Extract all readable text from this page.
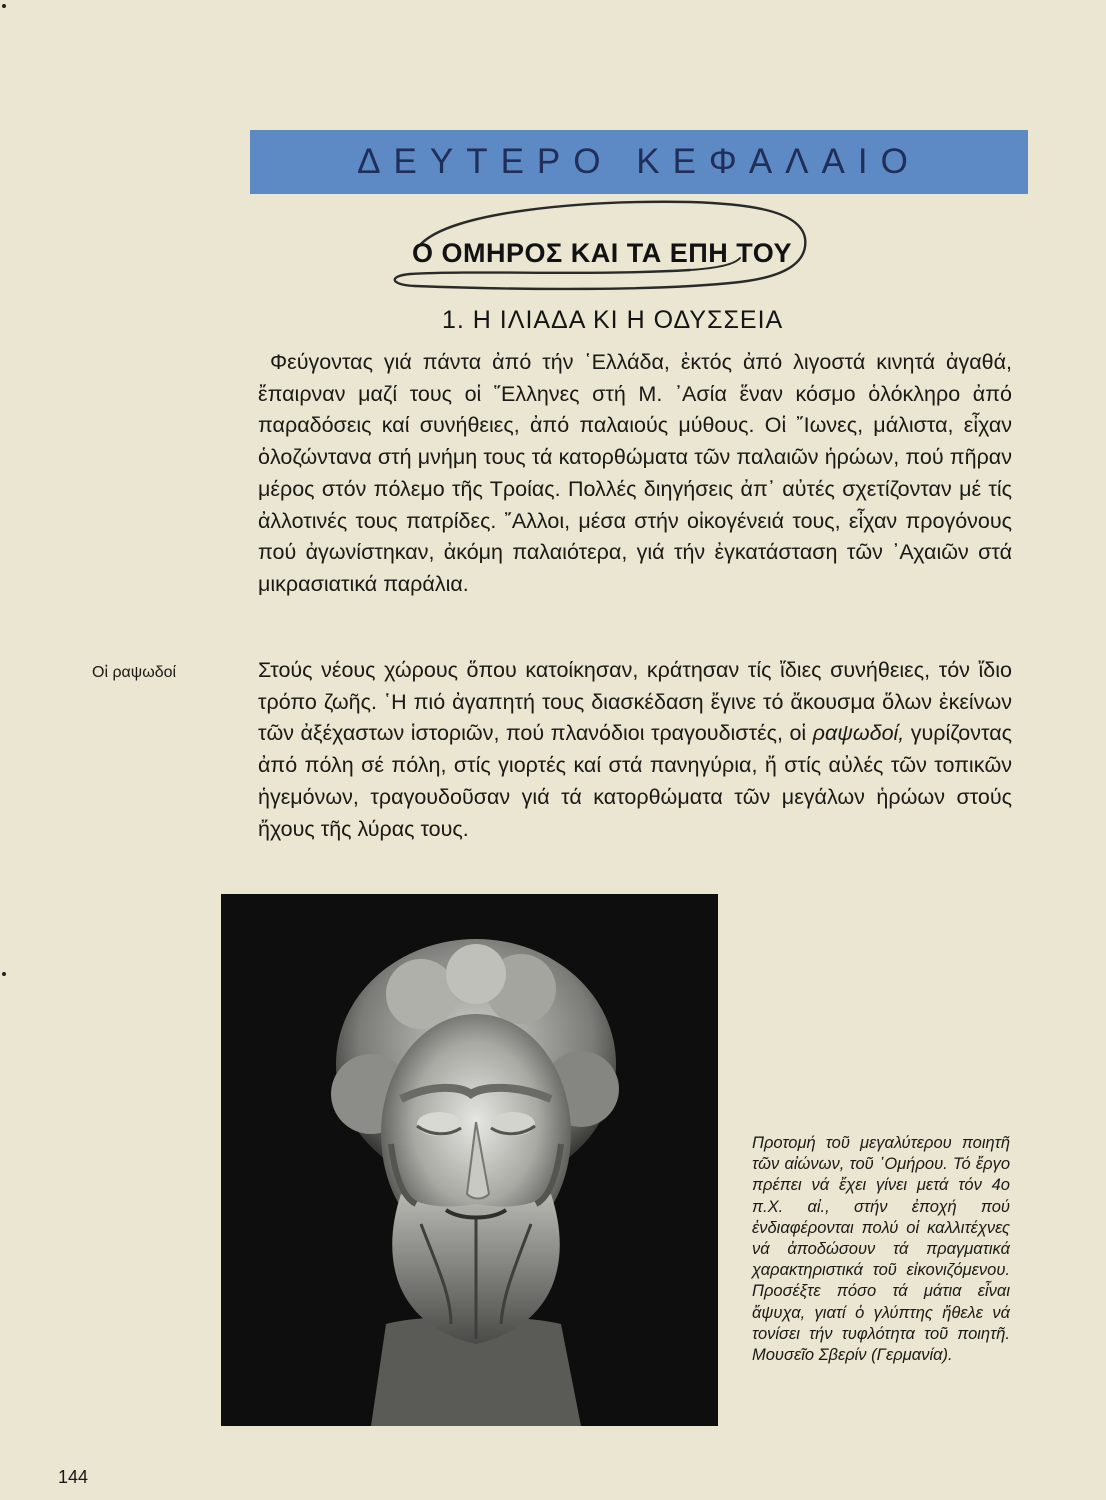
ΔΕΥΤΕΡΟ ΚΕΦΑΛΑΙΟ
Ο ΟΜΗΡΟΣ ΚΑΙ ΤΑ ΕΠΗ ΤΟΥ
1. Η ΙΛΙΑΔΑ ΚΙ Η ΟΔΥΣΣΕΙΑ

Φεύγοντας γιά πάντα ἀπό τήν ῾Ελλάδα, ἐκτός ἀπό λιγοστά κινητά ἀγαθά, ἔπαιρναν μαζί τους οἱ ῞Ελληνες στή Μ. ᾿Ασία ἕναν κόσμο ὁλόκληρο ἀπό παραδόσεις καί συνήθειες, ἀπό παλαιούς μύθους. Οἱ ῎Ιωνες, μάλιστα, εἶχαν ὁλοζώντανα στή μνήμη τους τά κατορθώματα τῶν παλαιῶν ἡρώων, πού πῆραν μέρος στόν πόλεμο τῆς Τροίας. Πολλές διηγήσεις ἀπ᾿ αὐτές σχετίζονταν μέ τίς ἀλλοτινές τους πατρίδες. ῎Αλλοι, μέσα στήν οἰκογένειά τους, εἶχαν προγόνους πού ἀγωνίστηκαν, ἀκόμη παλαιότερα, γιά τήν ἐγκατάσταση τῶν ᾿Αχαιῶν στά μικρασιατικά παράλια.

Οἱ ραψωδοί	Στούς νέους χώρους ὅπου κατοίκησαν, κράτησαν τίς ἴδιες συνήθειες, τόν ἴδιο τρόπο ζωῆς. ῾Η πιό ἀγαπητή τους διασκέδαση ἔγινε τό ἄκουσμα ὅλων ἐκείνων τῶν ἀξέχαστων ἱστοριῶν, πού πλανόδιοι τραγουδιστές, οἱ ραψωδοί, γυρίζοντας ἀπό πόλη σέ πόλη, στίς γιορτές καί στά πανηγύρια, ἤ στίς αὐλές τῶν τοπικῶν ἡγεμόνων, τραγουδοῦσαν γιά τά κατορθώματα τῶν μεγάλων ἡρώων στούς ἤχους τῆς λύρας τους.

Προτομή τοῦ μεγαλύτερου ποιητῆ τῶν αἰώνων, τοῦ ῾Ομήρου. Τό ἔργο πρέπει νά ἔχει γίνει μετά τόν 4ο π.Χ. αἰ., στήν ἐποχή πού ἐνδιαφέρονται πολύ οἱ καλλιτέχνες νά ἀποδώσουν τά πραγματικά χαρακτηριστικά τοῦ εἰκονιζόμενου. Προσέξτε πόσο τά μάτια εἶναι ἄψυχα, γιατί ὁ γλύπτης ἤθελε νά τονίσει τήν τυφλότητα τοῦ ποιητῆ. Μουσεῖο Σβερίν (Γερμανία).
144
